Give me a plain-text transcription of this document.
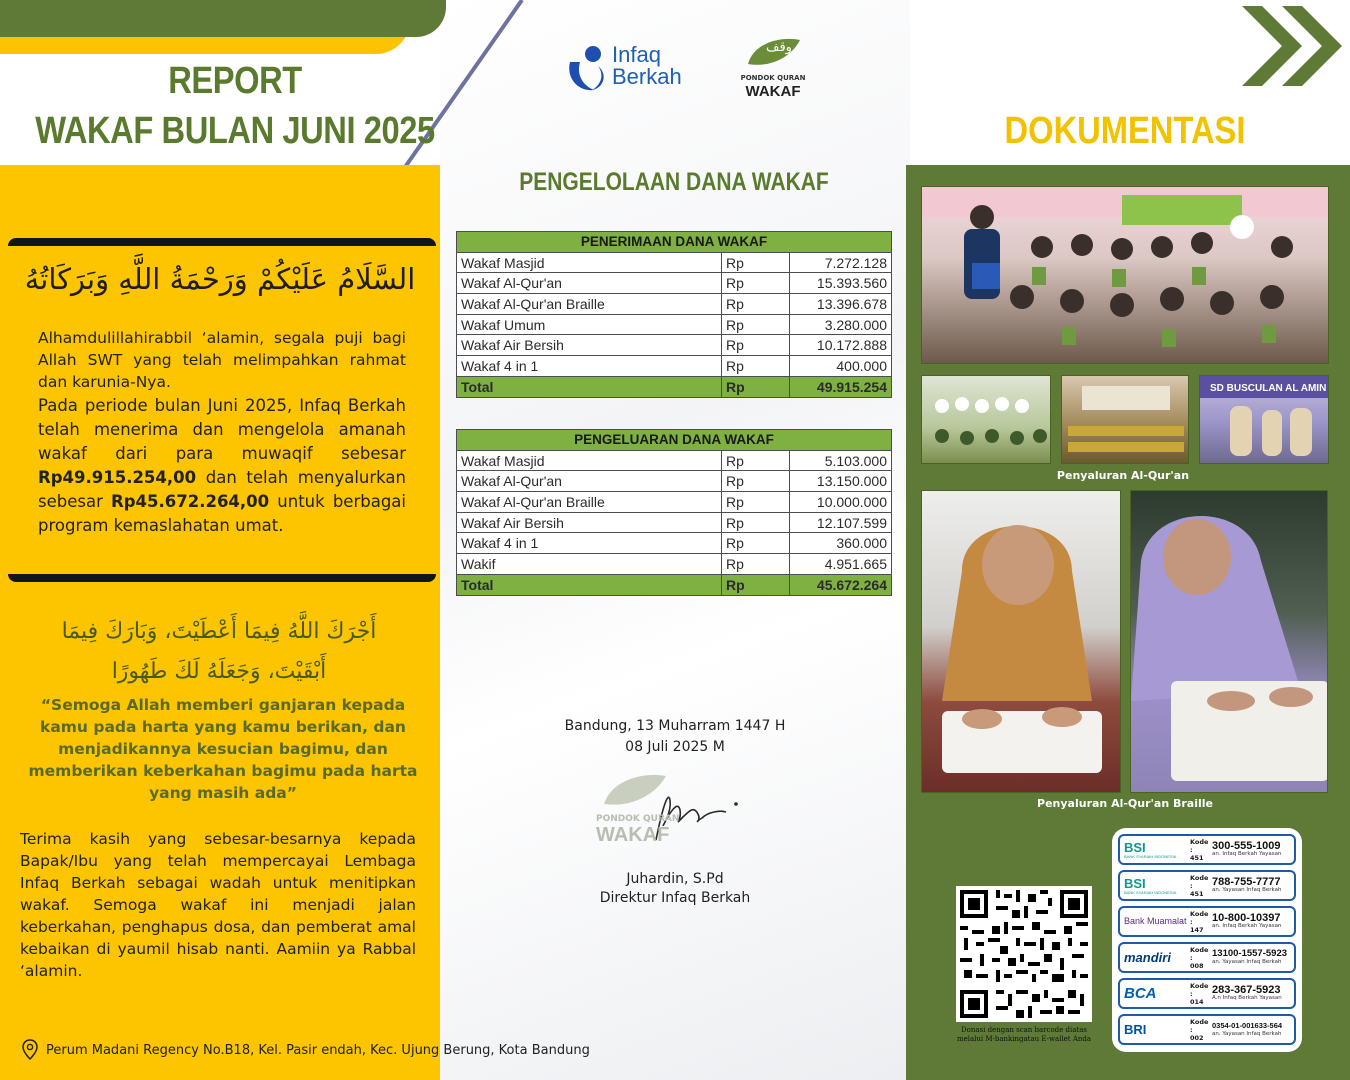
REPORT
WAKAF BULAN JUNI 2025
السَّلَامُ عَلَيْكُمْ وَرَحْمَةُ اللَّهِ وَبَرَكَاتُهُ
Alhamdulillahirabbil ‘alamin, segala puji bagi Allah SWT yang telah melimpahkan rahmat dan karunia-Nya.
Pada periode bulan Juni 2025, Infaq Berkah telah menerima dan mengelola amanah wakaf dari para muwaqif sebesar Rp49.915.254,00 dan telah menyalurkan sebesar Rp45.672.264,00 untuk berbagai program kemaslahatan umat.
أَجْرَكَ اللَّهُ فِيمَا أَعْطَيْتَ، وَبَارَكَ فِيمَا أَبْقَيْتَ، وَجَعَلَهُ لَكَ طَهُورًا
“Semoga Allah memberi ganjaran kepada kamu pada harta yang kamu berikan, dan menjadikannya kesucian bagimu, dan memberikan keberkahan bagimu pada harta yang masih ada”
Terima kasih yang sebesar-besarnya kepada Bapak/Ibu yang telah mempercayai Lembaga Infaq Berkah sebagai wadah untuk menitipkan wakaf. Semoga wakaf ini menjadi jalan keberkahan, penghapus dosa, dan pemberat amal kebaikan di yaumil hisab nanti. Aamiin ya Rabbal ‘alamin.
Perum Madani Regency No.B18, Kel. Pasir endah, Kec. Ujung Berung, Kota Bandung
Infaq
Berkah
وقف
PONDOK QURAN
WAKAF
PENGELOLAAN DANA WAKAF
PENERIMAAN DANA WAKAF		
Wakaf Masjid	Rp	7.272.128
Wakaf Al-Qur'an	Rp	15.393.560
Wakaf Al-Qur'an Braille	Rp	13.396.678
Wakaf Umum	Rp	3.280.000
Wakaf Air Bersih	Rp	10.172.888
Wakaf 4 in 1	Rp	400.000
Total	Rp	49.915.254
PENGELUARAN DANA WAKAF		
Wakaf Masjid	Rp	5.103.000
Wakaf Al-Qur'an	Rp	13.150.000
Wakaf Al-Qur'an Braille	Rp	10.000.000
Wakaf Air Bersih	Rp	12.107.599
Wakaf 4 in 1	Rp	360.000
Wakif	Rp	4.951.665
Total	Rp	45.672.264
Bandung, 13 Muharram 1447 H
08 Juli 2025 M
PONDOK QURAN
WAKAF
Juhardin, S.Pd
Direktur Infaq Berkah
DOKUMENTASI
SD BUSCULAN AL AMIN
Penyaluran Al-Qur'an
Penyaluran Al-Qur'an Braille
Donasi dengan scan barcode diatas melalui M-bankingatau E-wallet Anda
BSI
BANK SYARIAH INDONESIA
Kode :
451
300-555-1009
an. Infaq Berkah Yayasan
BSI
BANK SYARIAH INDONESIA
Kode :
451
788-755-7777
an. Yayasan Infaq Berkah
Bank Muamalat
Kode :
147
10-800-10397
an. Infaq Berkah Yayasan
mandiri
Kode :
008
13100-1557-5923
an. Yayasan Infaq Berkah
BCA	Kode :
014
283-367-5923
A.n Infaq Berkah Yayasan
BRI
Kode :
002
0354-01-001633-564
an. Yayasan Infaq Berkah
